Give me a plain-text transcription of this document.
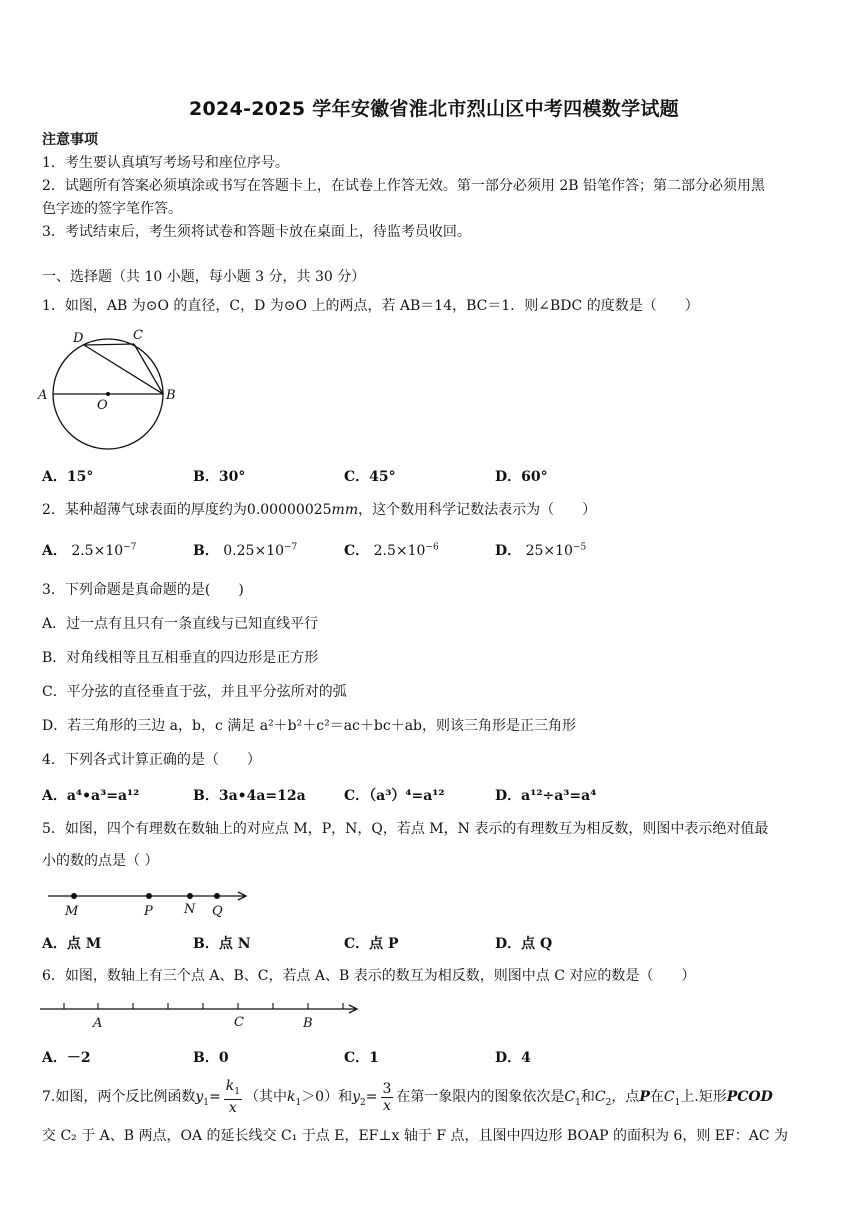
2024-2025 学年安徽省淮北市烈山区中考四模数学试题
注意事项
1．考生要认真填写考场号和座位序号。
2．试题所有答案必须填涂或书写在答题卡上，在试卷上作答无效。第一部分必须用 2B 铅笔作答；第二部分必须用黑
色字迹的签字笔作答。
3．考试结束后，考生须将试卷和答题卡放在桌面上，待监考员收回。
一、选择题（共 10 小题，每小题 3 分，共 30 分）
1．如图，AB 为⊙O 的直径，C，D 为⊙O 上的两点，若 AB＝14，BC＝1．则∠BDC 的度数是（　　）
A	B
C
D
O
A．15°	B．30°	C．45°	D．60°
2．某种超薄气球表面的厚度约为0.00000025mm，这个数用科学记数法表示为（　　）
A． $2.5\times 10^{-7}$	B． $0.25\times 10^{-7}$	C． $2.5\times 10^{-6}$	D． $25\times 10^{-5}$
3．下列命题是真命题的是(　　)
A．过一点有且只有一条直线与已知直线平行
B．对角线相等且互相垂直的四边形是正方形
C．平分弦的直径垂直于弦，并且平分弦所对的弧
D．若三角形的三边 a，b，c 满足 a²＋b²＋c²＝ac＋bc＋ab，则该三角形是正三角形
4．下列各式计算正确的是（　　）
A．a⁴•a³=a¹²	B．3a•4a=12a	C．（a³）⁴=a¹²	D．a¹²÷a³=a⁴
5．如图，四个有理数在数轴上的对应点 M，P，N，Q，若点 M，N 表示的有理数互为相反数，则图中表示绝对值最
小的数的点是（ ）
M	P N Q
A．点 M	B．点 N	C．点 P	D．点 Q
6．如图，数轴上有三个点 A、B、C，若点 A、B 表示的数互为相反数，则图中点 C 对应的数是（　　）
A	C	B
A．－2	B．0	C．1	D．4
7.如图，两个反比例函数$y_1= \frac{k_1}{x}$ （其中$k_1>0$）和$y_2= \frac{3}{x}$ 在第一象限内的图象依次是$C_1$和$C_2$，点P在$C_1$上.矩形PCOD
交 C₂ 于 A、B 两点，OA 的延长线交 C₁ 于点 E，EF⊥x 轴于 F 点，且图中四边形 BOAP 的面积为 6，则 EF：AC 为
